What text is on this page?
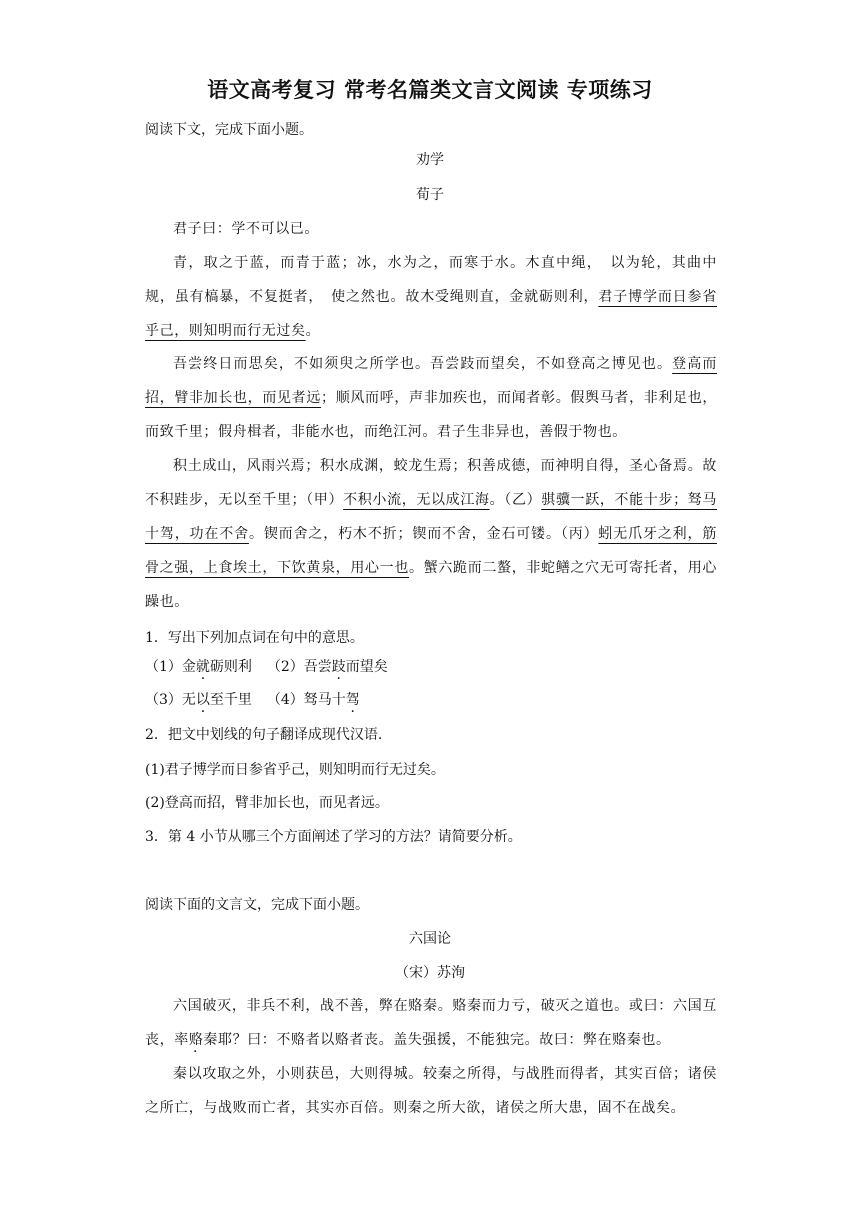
语文高考复习 常考名篇类文言文阅读 专项练习
阅读下文，完成下面小题。
劝学
荀子
君子曰：学不可以已。
青，取之于蓝，而青于蓝；冰，水为之，而寒于水。木直中绳，　以为轮，其曲中规，虽有槁暴，不复挺者，　使之然也。故木受绳则直，金就砺则利，君子博学而日参省乎己，则知明而行无过矣。
吾尝终日而思矣，不如须臾之所学也。吾尝跂而望矣，不如登高之博见也。登高而招，臂非加长也，而见者远；顺风而呼，声非加疾也，而闻者彰。假舆马者，非利足也，而致千里；假舟楫者，非能水也，而绝江河。君子生非异也，善假于物也。
积土成山，风雨兴焉；积水成渊，蛟龙生焉；积善成德，而神明自得，圣心备焉。故不积跬步，无以至千里；（甲）不积小流，无以成江海。（乙）骐骥一跃，不能十步；驽马十驾，功在不舍。锲而舍之，朽木不折；锲而不舍，金石可镂。（丙）蚓无爪牙之利，筋骨之强，上食埃土，下饮黄泉，用心一也。蟹六跪而二螯，非蛇鳝之穴无可寄托者，用心躁也。
1．写出下列加点词在句中的意思。
（1）金就砺则利 （2）吾尝跂而望矣
（3）无以至千里 （4）驽马十驾
2．把文中划线的句子翻译成现代汉语.
(1)君子博学而日参省乎己，则知明而行无过矣。
(2)登高而招，臂非加长也，而见者远。
3．第 4 小节从哪三个方面阐述了学习的方法？请简要分析。
阅读下面的文言文，完成下面小题。
六国论
（宋）苏洵
六国破灭，非兵不利，战不善，弊在赂秦。赂秦而力亏，破灭之道也。或曰：六国互丧，率赂秦耶？曰：不赂者以赂者丧。盖失强援，不能独完。故曰：弊在赂秦也。
秦以攻取之外，小则获邑，大则得城。较秦之所得，与战胜而得者，其实百倍；诸侯之所亡，与战败而亡者，其实亦百倍。则秦之所大欲，诸侯之所大患，固不在战矣。
